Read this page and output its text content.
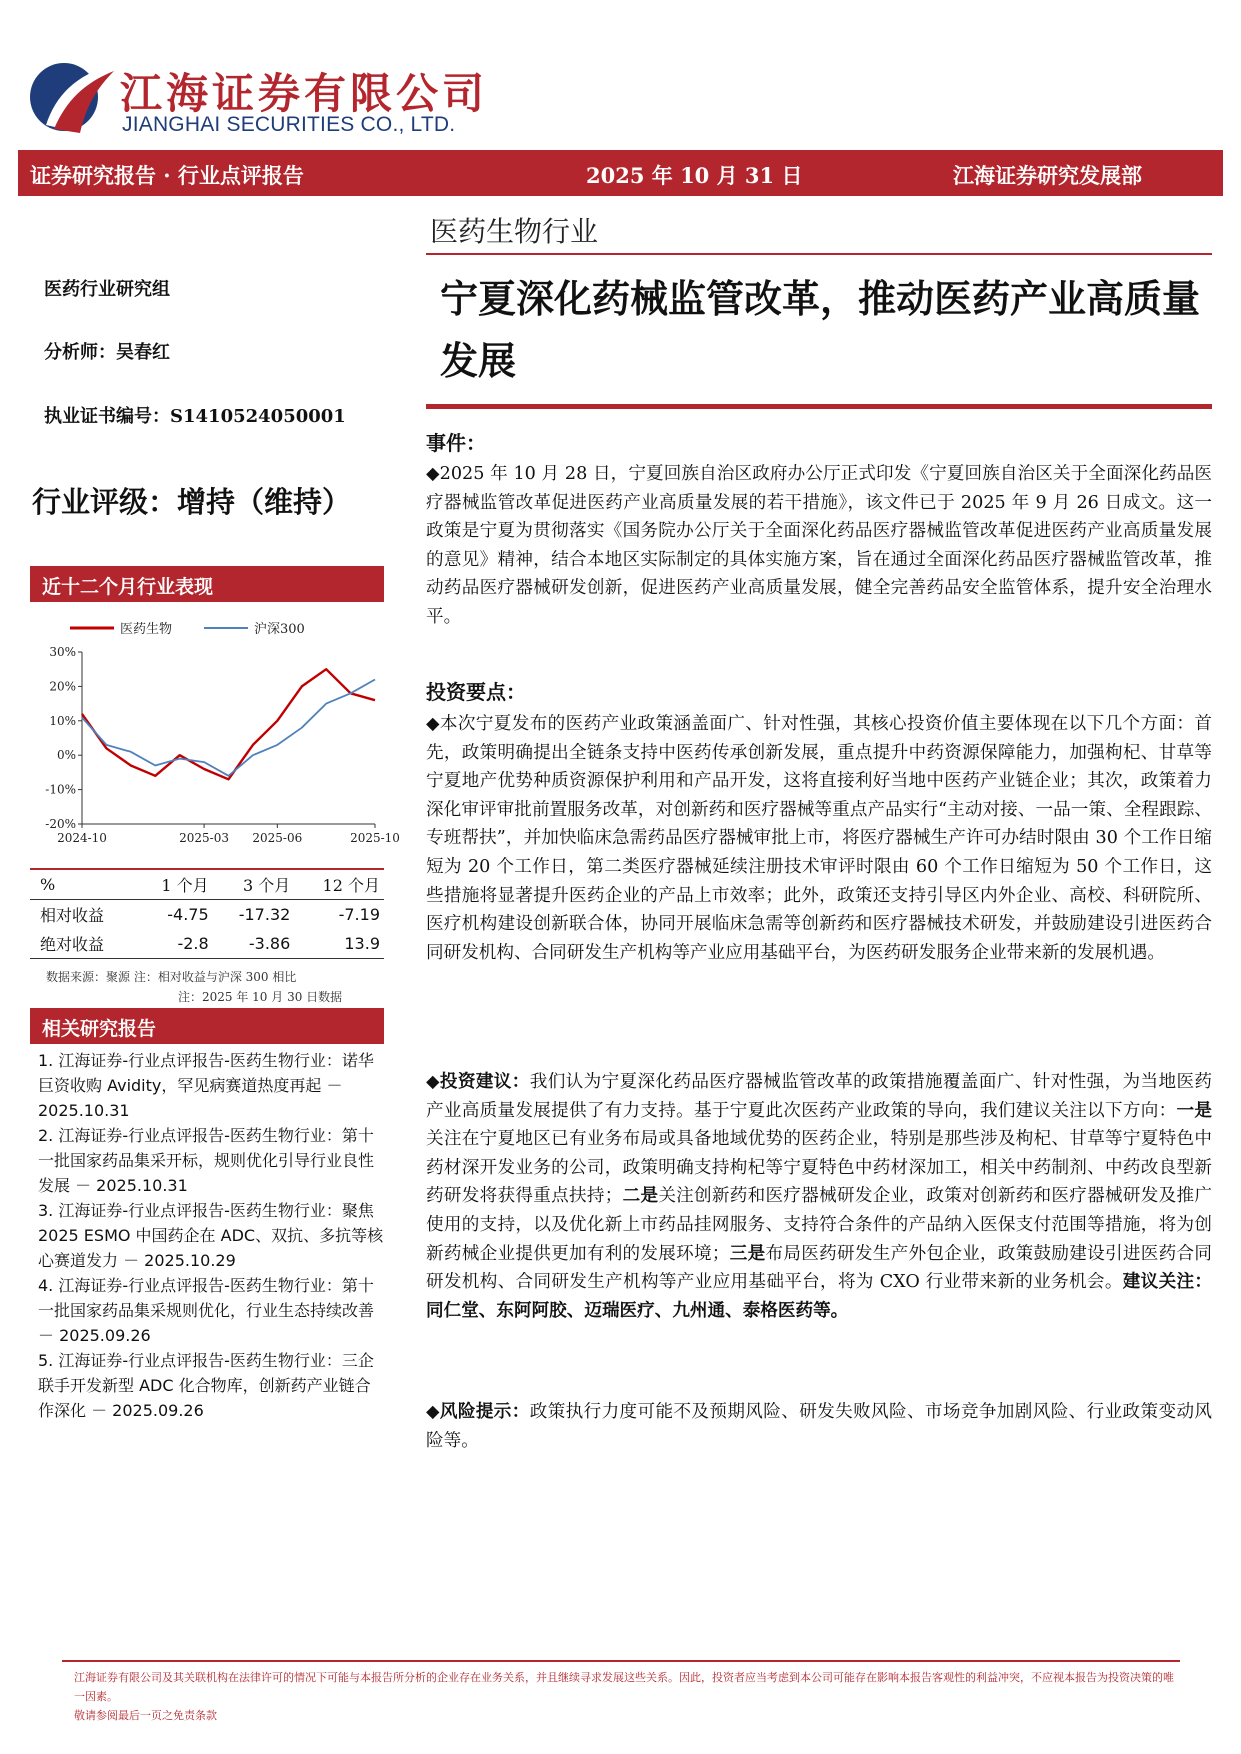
江海证券有限公司
JIANGHAI SECURITIES CO., LTD.
证券研究报告 · 行业点评报告	2025 年 10 月 31 日	江海证券研究发展部
医药生物行业
宁夏深化药械监管改革，推动医药产业高质量发展
医药行业研究组
分析师：吴春红
执业证书编号：S1410524050001
行业评级：增持（维持）
近十二个月行业表现
30%
20%
10%
0%
-10%
-20%
2024-10	2025-03 2025-06	2025-10
医药生物	沪深300
%	1 个月	3 个月	12 个月
相对收益	-4.75	-17.32	-7.19
绝对收益	-2.8	-3.86	13.9
数据来源：聚源 注：相对收益与沪深 300 相比
注：2025 年 10 月 30 日数据
相关研究报告
1. 江海证券-行业点评报告-医药生物行业：诺华巨资收购 Avidity，罕见病赛道热度再起 － 2025.10.31
2. 江海证券-行业点评报告-医药生物行业：第十一批国家药品集采开标，规则优化引导行业良性发展 － 2025.10.31
3. 江海证券-行业点评报告-医药生物行业：聚焦 2025 ESMO 中国药企在 ADC、双抗、多抗等核心赛道发力 － 2025.10.29
4. 江海证券-行业点评报告-医药生物行业：第十一批国家药品集采规则优化，行业生态持续改善 － 2025.09.26
5. 江海证券-行业点评报告-医药生物行业：三企联手开发新型 ADC 化合物库，创新药产业链合作深化 － 2025.09.26
事件：
◆2025 年 10 月 28 日，宁夏回族自治区政府办公厅正式印发《宁夏回族自治区关于全面深化药品医疗器械监管改革促进医药产业高质量发展的若干措施》，该文件已于 2025 年 9 月 26 日成文。这一政策是宁夏为贯彻落实《国务院办公厅关于全面深化药品医疗器械监管改革促进医药产业高质量发展的意见》精神，结合本地区实际制定的具体实施方案，旨在通过全面深化药品医疗器械监管改革，推动药品医疗器械研发创新，促进医药产业高质量发展，健全完善药品安全监管体系，提升安全治理水平。
投资要点：
◆本次宁夏发布的医药产业政策涵盖面广、针对性强，其核心投资价值主要体现在以下几个方面：首先，政策明确提出全链条支持中医药传承创新发展，重点提升中药资源保障能力，加强枸杞、甘草等宁夏地产优势种质资源保护利用和产品开发，这将直接利好当地中医药产业链企业；其次，政策着力深化审评审批前置服务改革，对创新药和医疗器械等重点产品实行“主动对接、一品一策、全程跟踪、专班帮扶”，并加快临床急需药品医疗器械审批上市，将医疗器械生产许可办结时限由 30 个工作日缩短为 20 个工作日，第二类医疗器械延续注册技术审评时限由 60 个工作日缩短为 50 个工作日，这些措施将显著提升医药企业的产品上市效率；此外，政策还支持引导区内外企业、高校、科研院所、医疗机构建设创新联合体，协同开展临床急需等创新药和医疗器械技术研发，并鼓励建设引进医药合同研发机构、合同研发生产机构等产业应用基础平台，为医药研发服务企业带来新的发展机遇。
◆投资建议：我们认为宁夏深化药品医疗器械监管改革的政策措施覆盖面广、针对性强，为当地医药产业高质量发展提供了有力支持。基于宁夏此次医药产业政策的导向，我们建议关注以下方向：一是关注在宁夏地区已有业务布局或具备地域优势的医药企业，特别是那些涉及枸杞、甘草等宁夏特色中药材深开发业务的公司，政策明确支持枸杞等宁夏特色中药材深加工，相关中药制剂、中药改良型新药研发将获得重点扶持；二是关注创新药和医疗器械研发企业，政策对创新药和医疗器械研发及推广使用的支持，以及优化新上市药品挂网服务、支持符合条件的产品纳入医保支付范围等措施，将为创新药械企业提供更加有利的发展环境；三是布局医药研发生产外包企业，政策鼓励建设引进医药合同研发机构、合同研发生产机构等产业应用基础平台，将为 CXO 行业带来新的业务机会。建议关注：同仁堂、东阿阿胶、迈瑞医疗、九州通、泰格医药等。
◆风险提示：政策执行力度可能不及预期风险、研发失败风险、市场竞争加剧风险、行业政策变动风险等。
江海证券有限公司及其关联机构在法律许可的情况下可能与本报告所分析的企业存在业务关系，并且继续寻求发展这些关系。因此，投资者应当考虑到本公司可能存在影响本报告客观性的利益冲突，不应视本报告为投资决策的唯一因素。
敬请参阅最后一页之免责条款
